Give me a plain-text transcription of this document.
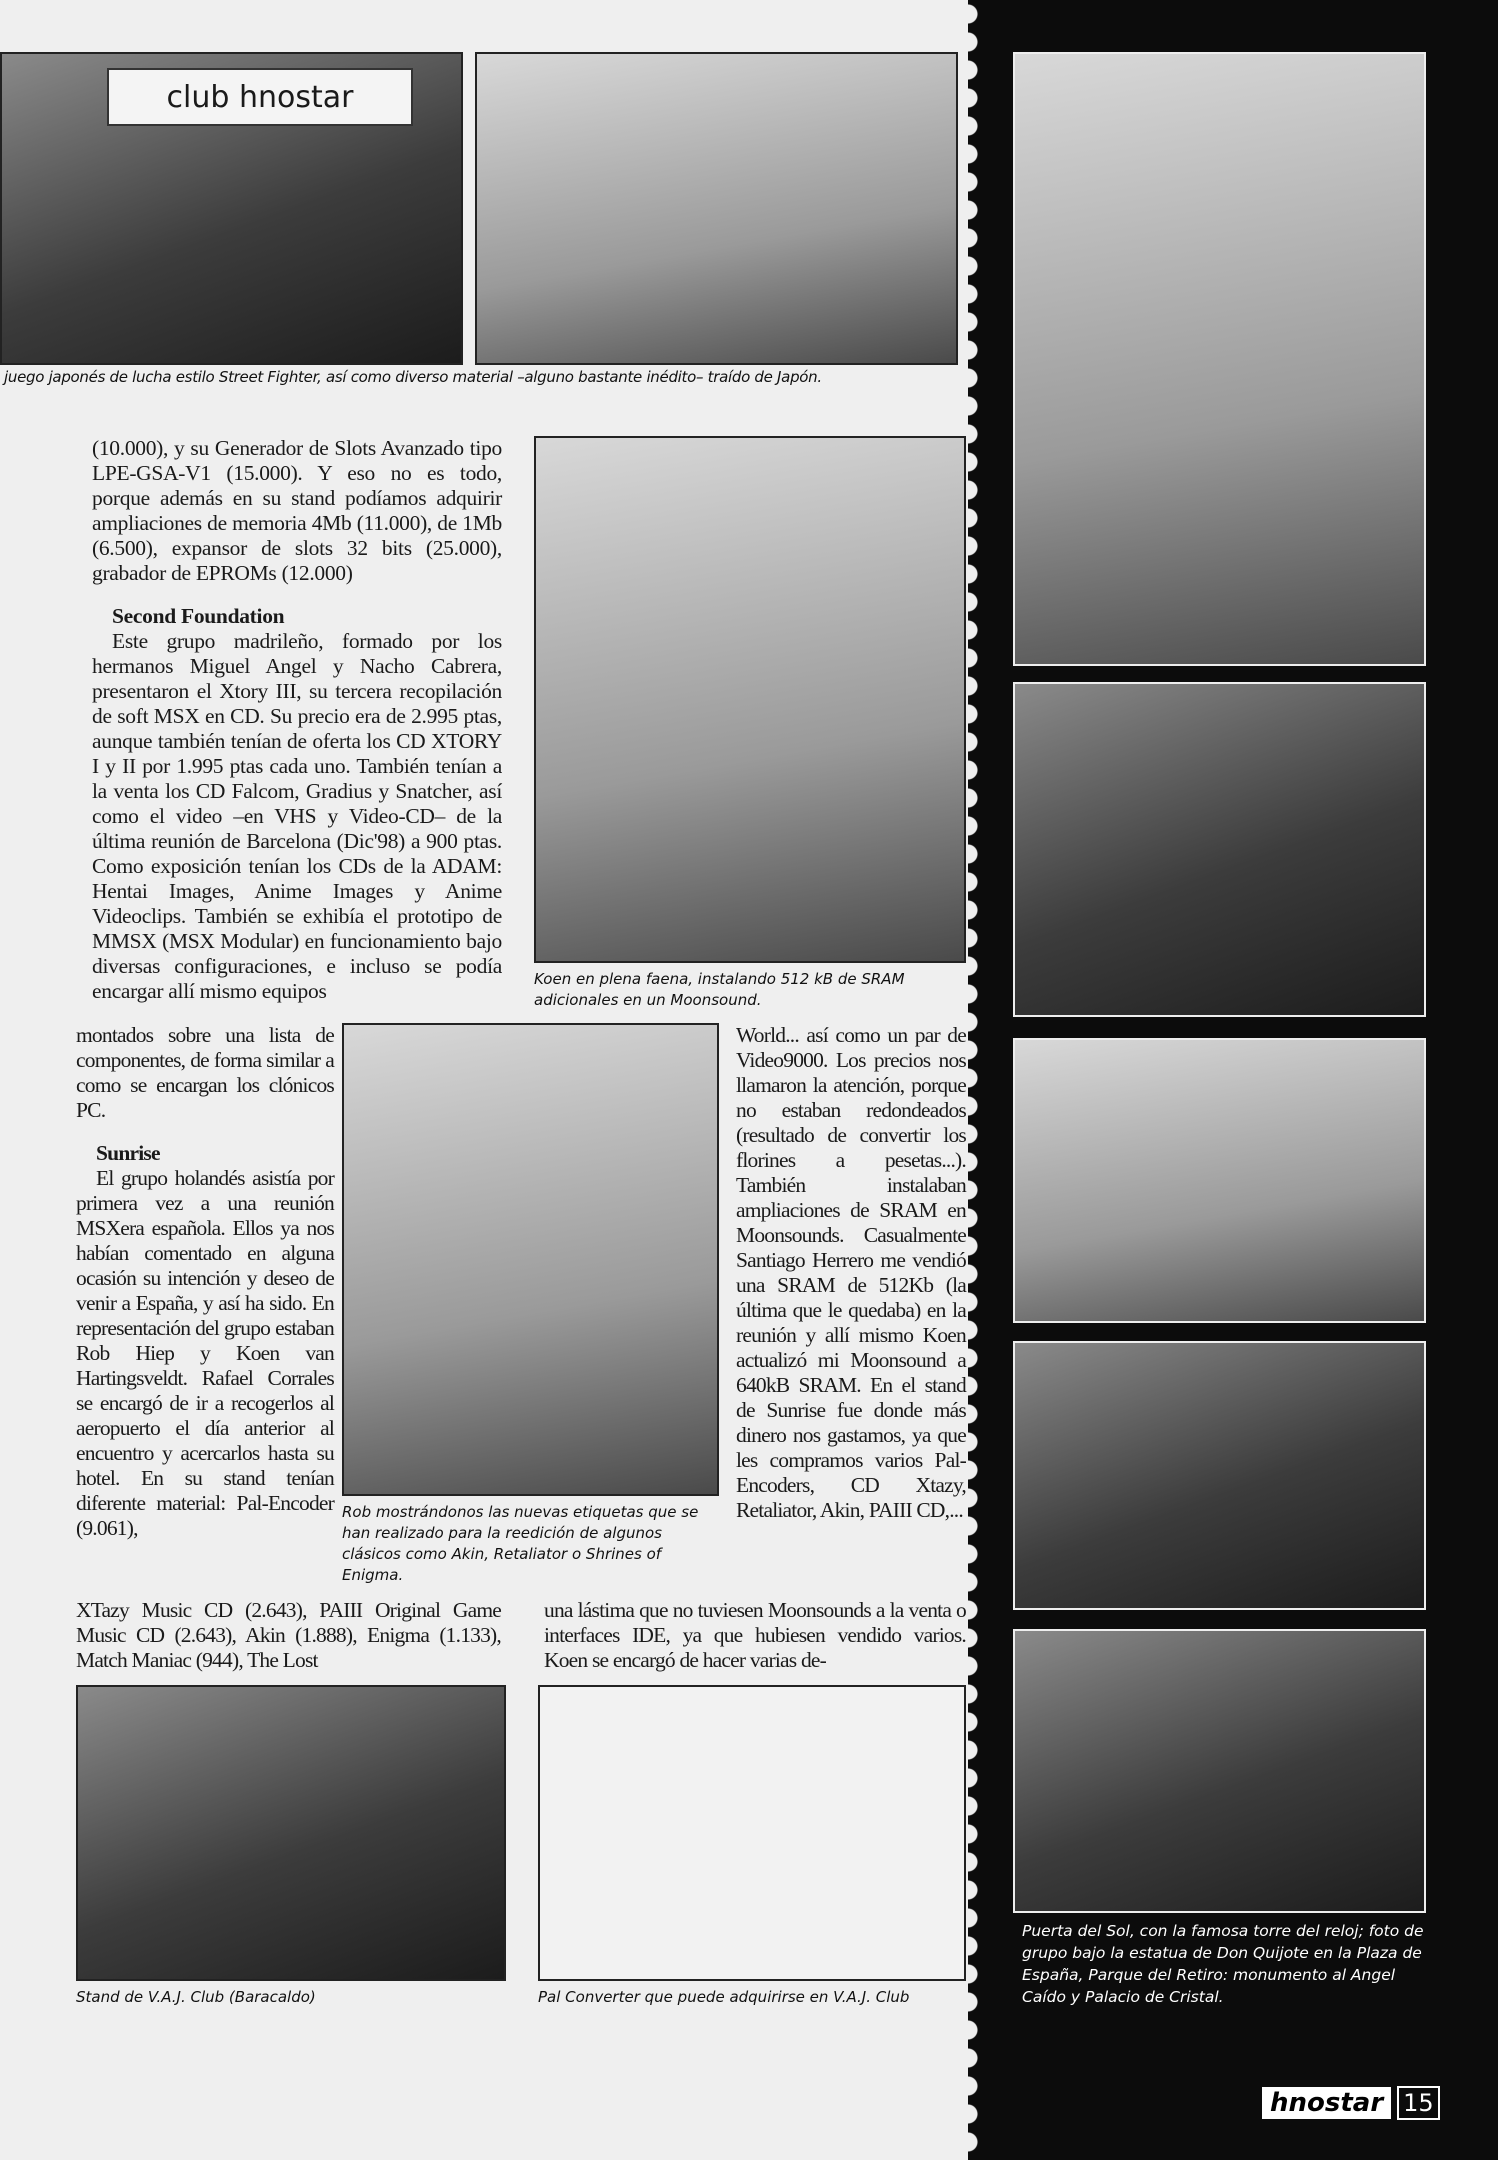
club hnostar
juego japonés de lucha estilo Street Fighter, así como diverso material –alguno bastante inédito– traído de Japón.
(10.000), y su Generador de Slots Avanzado tipo LPE-GSA-V1 (15.000). Y eso no es todo, porque además en su stand podíamos adquirir ampliaciones de memoria 4Mb (11.000), de 1Mb (6.500), expansor de slots 32 bits (25.000), grabador de EPROMs (12.000)
Second Foundation

Este grupo madrileño, formado por los hermanos Miguel Angel y Nacho Cabrera, presentaron el Xtory III, su tercera recopilación de soft MSX en CD. Su precio era de 2.995 ptas, aunque también tenían de oferta los CD XTORY I y II por 1.995 ptas cada uno. También tenían a la venta los CD Falcom, Gradius y Snatcher, así como el video –en VHS y Video-CD– de la última reunión de Barcelona (Dic'98) a 900 ptas. Como exposición tenían los CDs de la ADAM: Hentai Images, Anime Images y Anime Videoclips. También se exhibía el prototipo de MMSX (MSX Modular) en funcionamiento bajo diversas configuraciones, e incluso se podía encargar allí mismo equipos	Koen en plena faena, instalando 512 kB de SRAM adicionales en un Moonsound.
montados sobre una lista de componentes, de forma similar a como se encargan los clónicos PC.
Sunrise

El grupo holandés asistía por primera vez a una reunión MSXera española. Ellos ya nos habían comentado en alguna ocasión su intención y deseo de venir a España, y así ha sido. En representación del grupo estaban Rob Hiep y Koen van Hartingsveldt. Rafael Corrales se encargó de ir a recogerlos al aeropuerto el día anterior al encuentro y acercarlos hasta su hotel. En su stand tenían diferente material: Pal-Encoder (9.061),

Rob mostrándonos las nuevas etiquetas que se han realizado para la reedición de algunos clásicos como Akin, Retaliator o Shrines of Enigma.
World... así como un par de Video9000. Los precios nos llamaron la atención, porque no estaban redondeados (resultado de convertir los florines a pesetas...). También instalaban ampliaciones de SRAM en Moonsounds. Casualmente Santiago Herrero me vendió una SRAM de 512Kb (la última que le quedaba) en la reunión y allí mismo Koen actualizó mi Moonsound a 640kB SRAM. En el stand de Sunrise fue donde más dinero nos gastamos, ya que les compramos varios Pal-Encoders, CD Xtazy, Retaliator, Akin, PAIII CD,...
XTazy Music CD (2.643), PAIII Original Game Music CD (2.643), Akin (1.888), Enigma (1.133), Match Maniac (944), The Lost
una lástima que no tuviesen Moonsounds a la venta o interfaces IDE, ya que hubiesen vendido varios. Koen se encargó de hacer varias de-
Stand de V.A.J. Club (Baracaldo)	Pal Converter que puede adquirirse en V.A.J. Club
Puerta del Sol, con la famosa torre del reloj; foto de grupo bajo la estatua de Don Quijote en la Plaza de España, Parque del Retiro: monumento al Angel Caído y Palacio de Cristal.
hnostar 15
